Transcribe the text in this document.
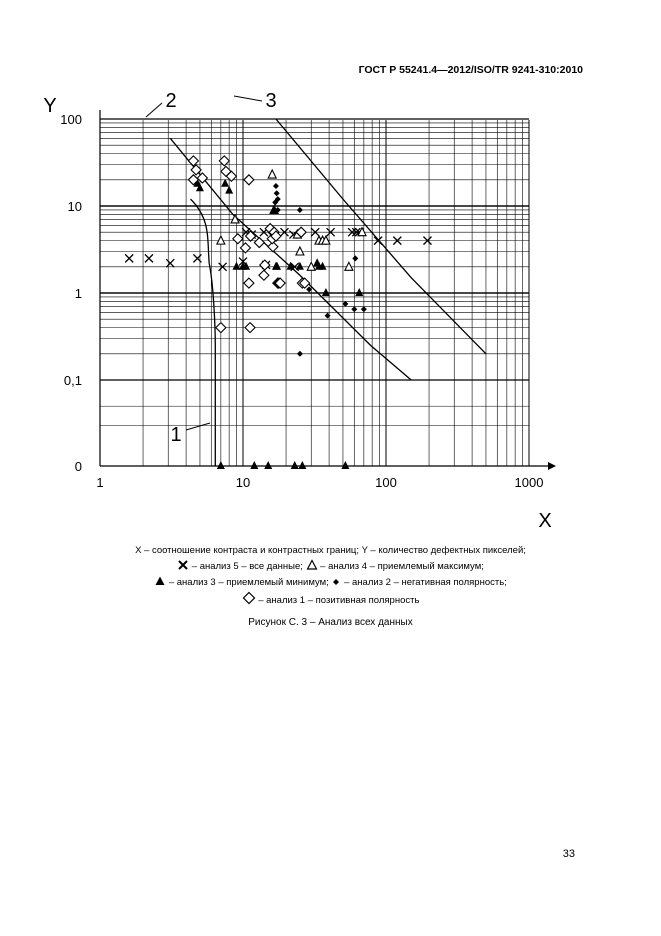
ГОСТ Р 55241.4—2012/ISO/TR 9241-310:2010
1	10	100	1000
0
0,1
1
10
100
1
2	3
X
Y
X – соотношение контраста и контрастных границ; Y – количество дефектных пикселей;
– анализ 5 – все данные; – анализ 4 – приемлемый максимум;
– анализ 3 – приемлемый минимум; – анализ 2 – негативная полярность;
– анализ 1 – позитивная полярность
Рисунок С. 3 – Анализ всех данных
33
